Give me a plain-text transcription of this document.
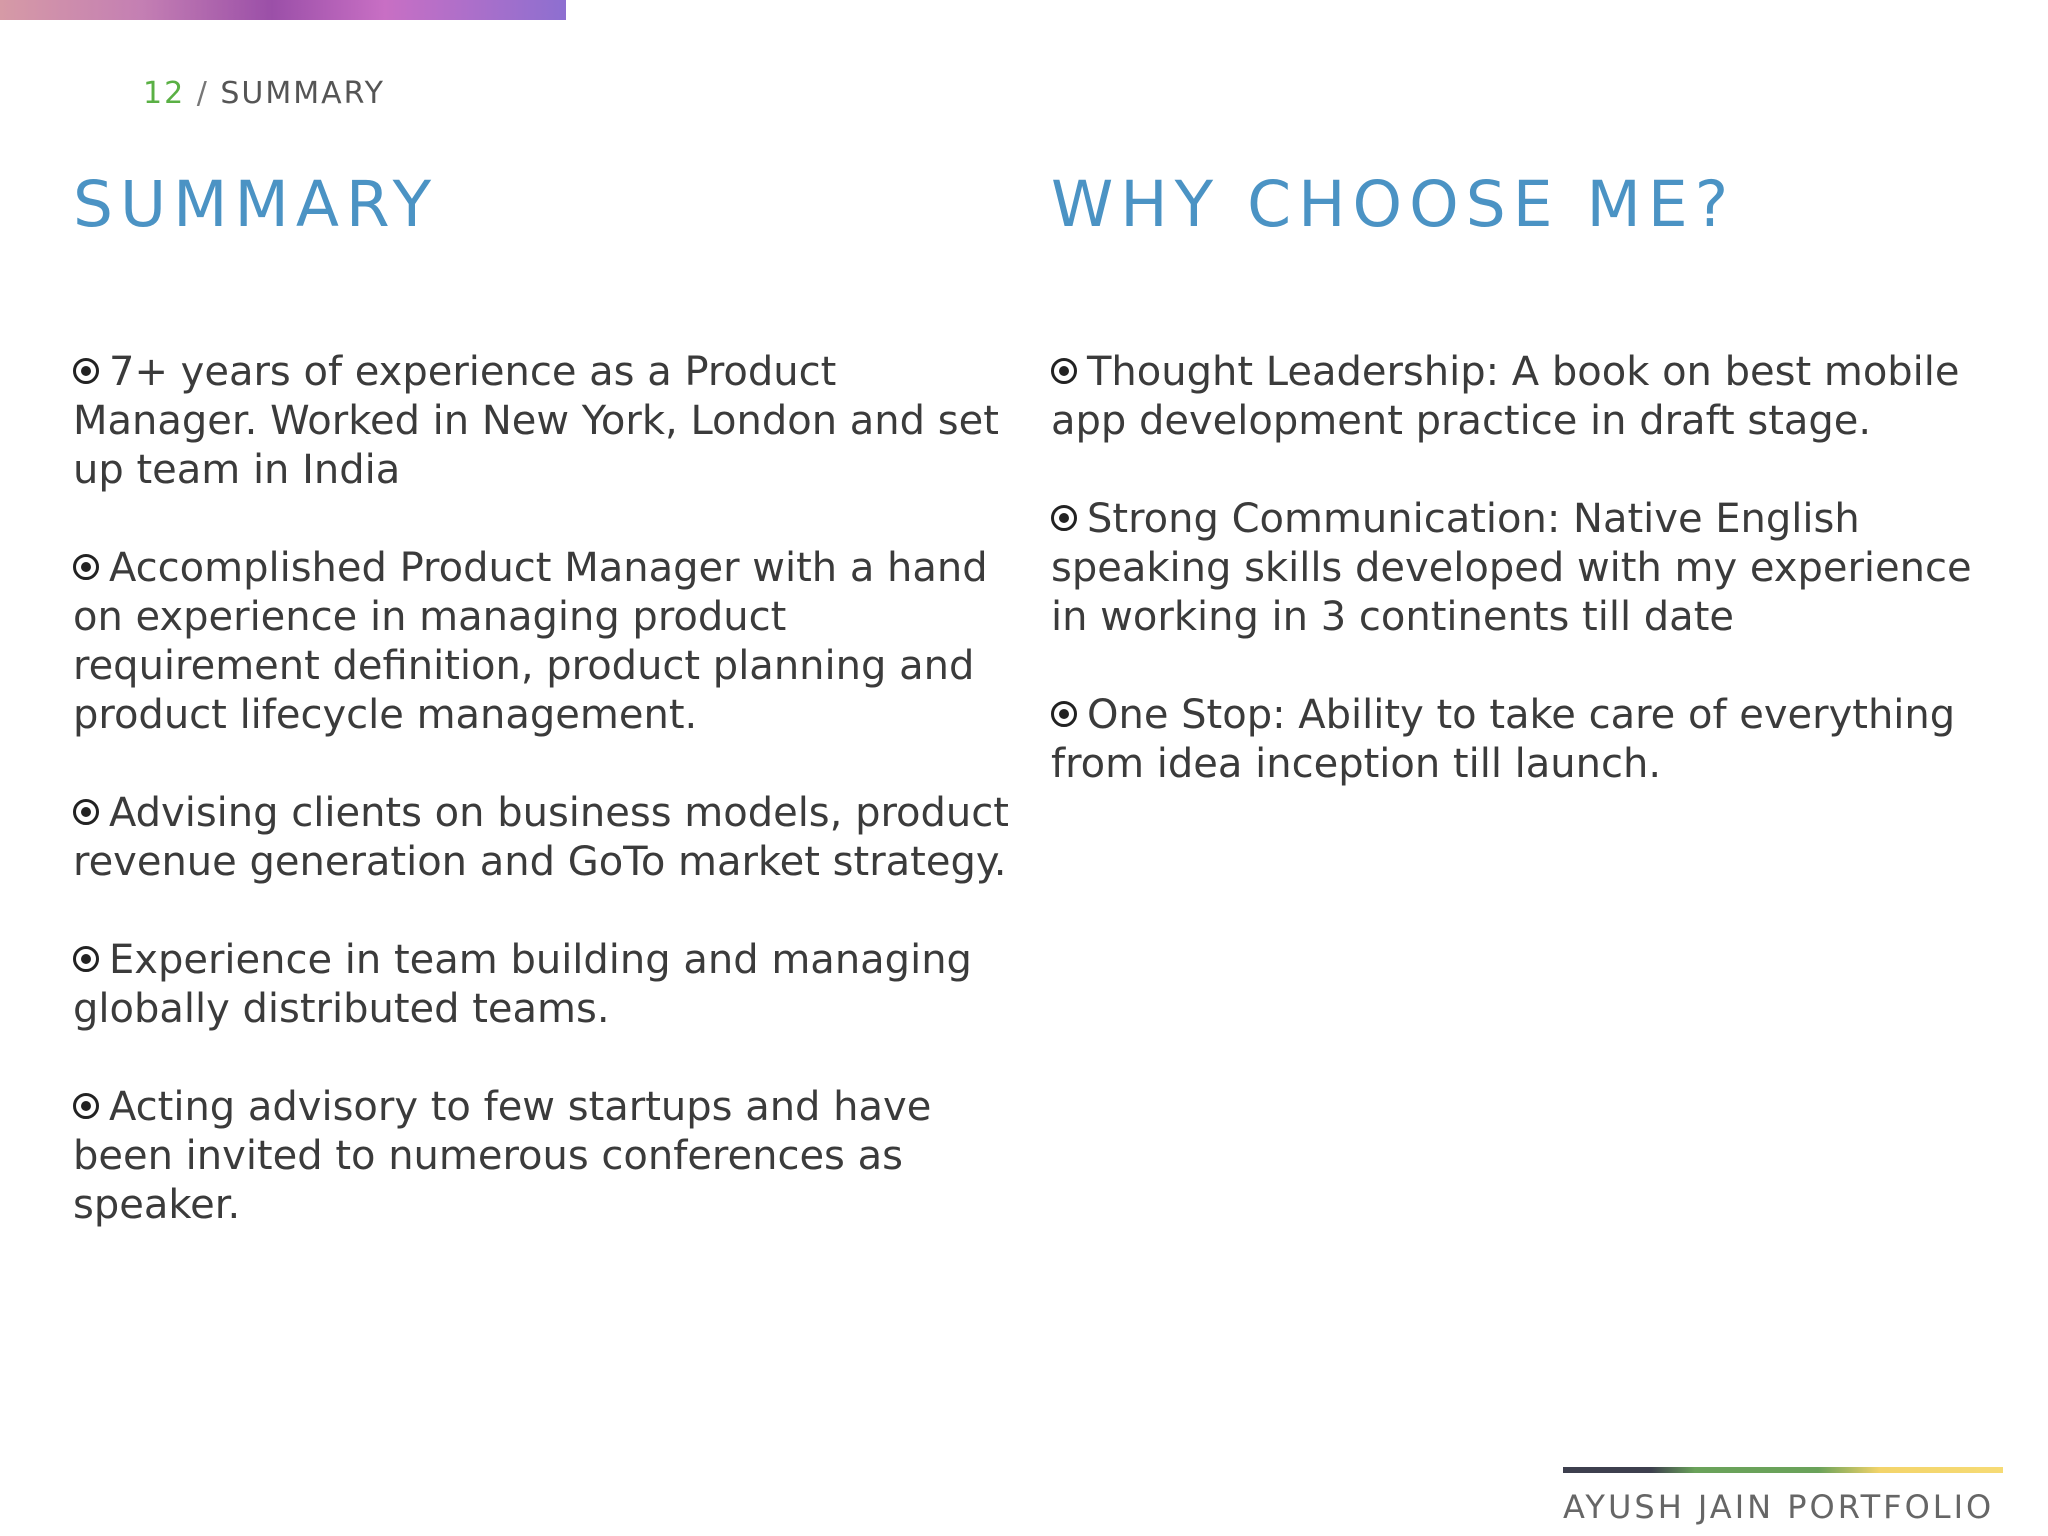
12 / SUMMARY
SUMMARY
7+ years of experience as a Product Manager. Worked in New York, London and set up team in India
Accomplished Product Manager with a hand on experience in managing product requirement definition, product planning and product lifecycle management.
Advising clients on business models, product revenue generation and GoTo market strategy.
Experience in team building and managing globally distributed teams.
Acting advisory to few startups and have been invited to numerous conferences as speaker.
WHY CHOOSE ME?
Thought Leadership: A book on best mobile app development practice in draft stage.
Strong Communication: Native English speaking skills developed with my experience in working in 3 continents till date
One Stop: Ability to take care of everything from idea inception till launch.
AYUSH JAIN PORTFOLIO
